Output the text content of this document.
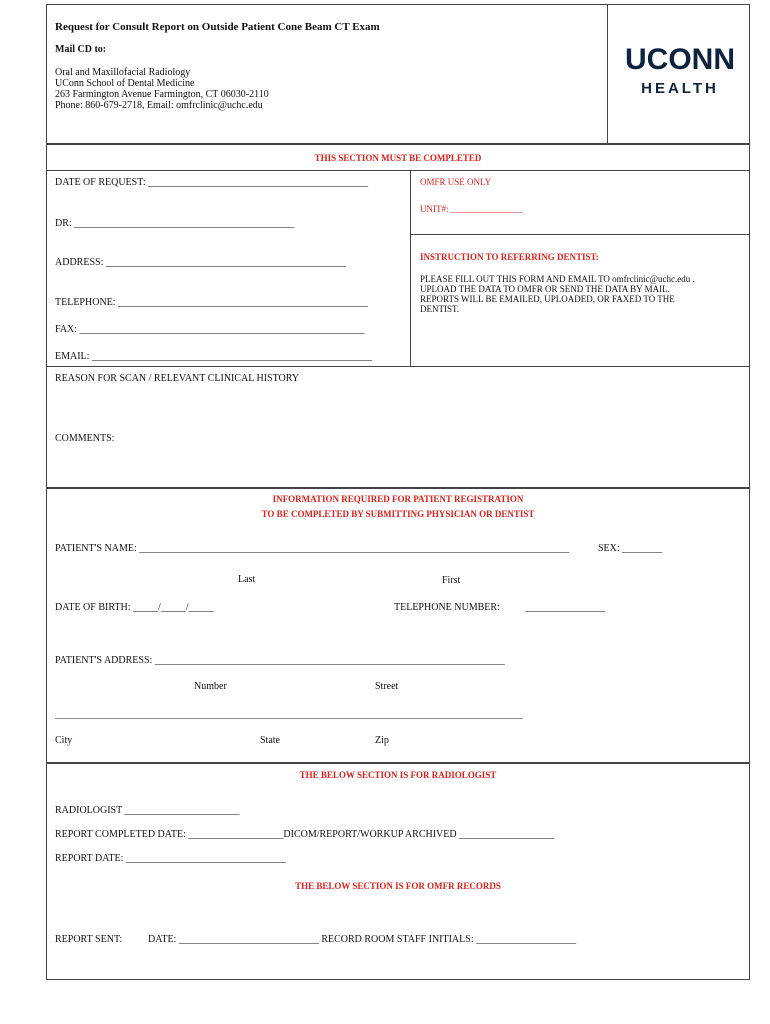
Request for Consult Report on Outside Patient Cone Beam CT Exam
Mail CD to:
Oral and Maxillofacial Radiology
UConn School of Dental Medicine
263 Farmington Avenue Farmington, CT 06030-2110
Phone: 860-679-2718, Email: omfrclinic@uchc.edu
UCONN
HEALTH
THIS SECTION MUST BE COMPLETED
DATE OF REQUEST: ____________________________________________
DR: ____________________________________________
ADDRESS: ________________________________________________
TELEPHONE: __________________________________________________
FAX: _________________________________________________________
EMAIL: ________________________________________________________
OMFR USE ONLY
UNIT#: ________________
INSTRUCTION TO REFERRING DENTIST:
PLEASE FILL OUT THIS FORM AND EMAIL TO omfrclinic@uchc.edu .
UPLOAD THE DATA TO OMFR OR SEND THE DATA BY MAIL.
REPORTS WILL BE EMAILED, UPLOADED, OR FAXED TO THE
DENTIST.
REASON FOR SCAN / RELEVANT CLINICAL HISTORY
COMMENTS:
INFORMATION REQUIRED FOR PATIENT REGISTRATION
TO BE COMPLETED BY SUBMITTING PHYSICIAN OR DENTIST
PATIENT'S NAME: ______________________________________________________________________________________	SEX: ________
Last	First
DATE OF BIRTH: _____/_____/_____	TELEPHONE NUMBER:	________________
PATIENT'S ADDRESS: ______________________________________________________________________
Number	Street
________________________________________________________________________________________________________
City	State	Zip
THE BELOW SECTION IS FOR RADIOLOGIST
RADIOLOGIST _______________________
REPORT COMPLETED DATE: ___________________DICOM/REPORT/WORKUP ARCHIVED ___________________
REPORT DATE: ________________________________
THE BELOW SECTION IS FOR OMFR RECORDS
REPORT SENT:	DATE: ____________________________ RECORD ROOM STAFF INITIALS: ____________________
